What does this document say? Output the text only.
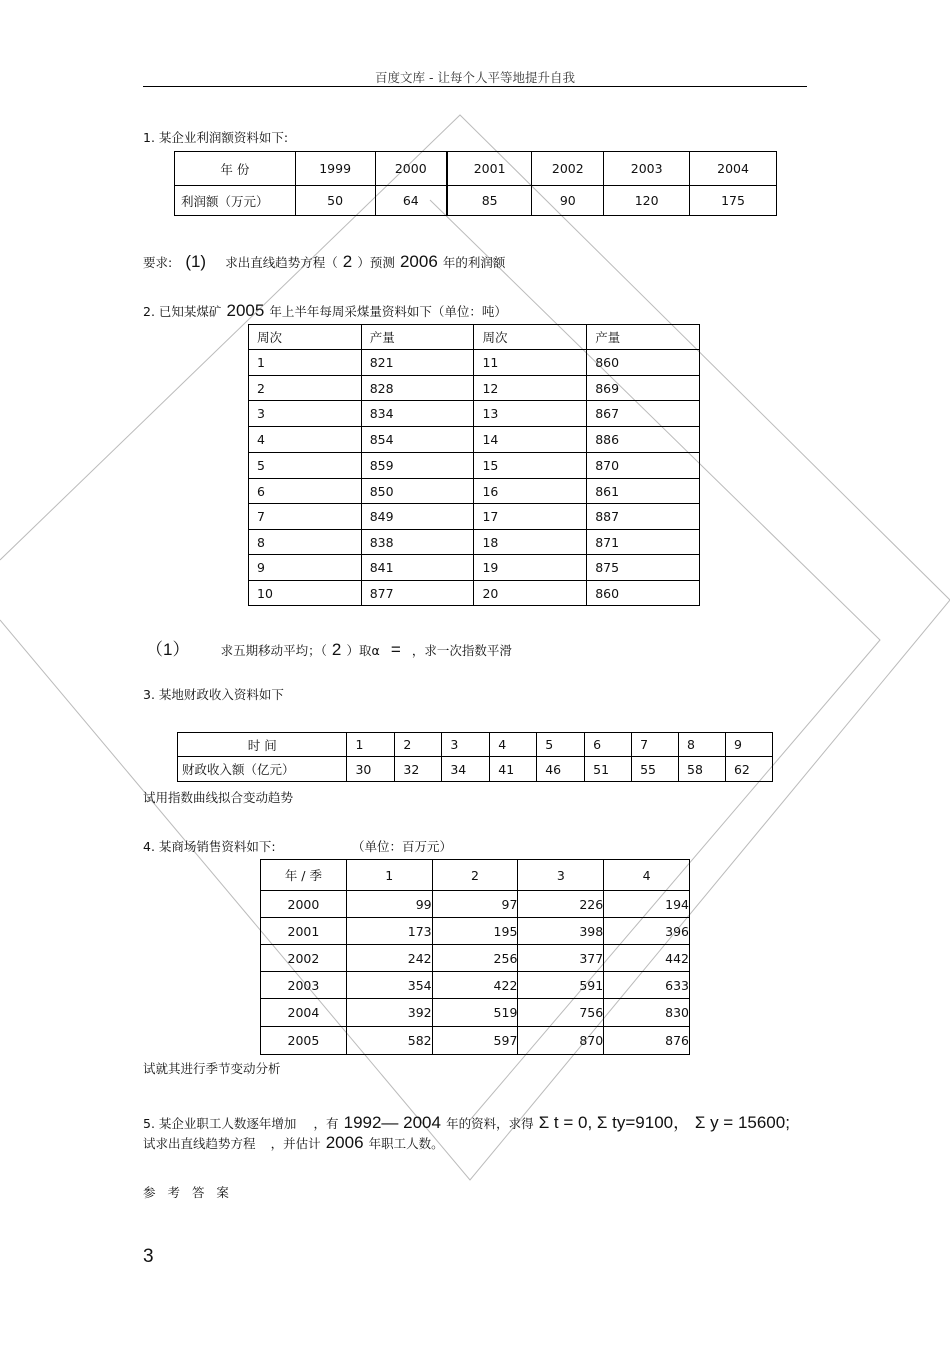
百度文库 - 让每个人平等地提升自我
1. 某企业利润额资料如下:
年 份	1999	2000	2001	2002	2003	2004
利润额（万元）	50	64	85	90	120	175
要求: (1) 求出直线趋势方程（ 2 ）预测 2006 年的利润额
2. 已知某煤矿 2005 年上半年每周采煤量资料如下（单位：吨）
周次	产量	周次	产量
1	821	11	860
2	828	12	869
3	834	13	867
4	854	14	886
5	859	15	870
6	850	16	861
7	849	17	887
8	838	18	871
9	841	19	875
10	877	20	860
（1） 求五期移动平均；（ 2 ）取α = ，求一次指数平滑
3. 某地财政收入资料如下
时 间	1	2	3	4	5	6	7	8	9
财政收入额（亿元）	30	32	34	41	46	51	55	58	62
试用指数曲线拟合变动趋势
4. 某商场销售资料如下:	（单位：百万元）
年 / 季	1	2	3	4
2000	99	97	226	194
2001	173	195	398	396
2002	242	256	377	442
2003	354	422	591	633
2004	392	519	756	830
2005	582	597	870	876
试就其进行季节变动分析
5. 某企业职工人数逐年增加 ，有 1992— 2004 年的资料，求得 Σ t = 0, Σ ty=9100， Σ y = 15600;
试求出直线趋势方程 ，并估计 2006 年职工人数。
参 考 答 案
3
